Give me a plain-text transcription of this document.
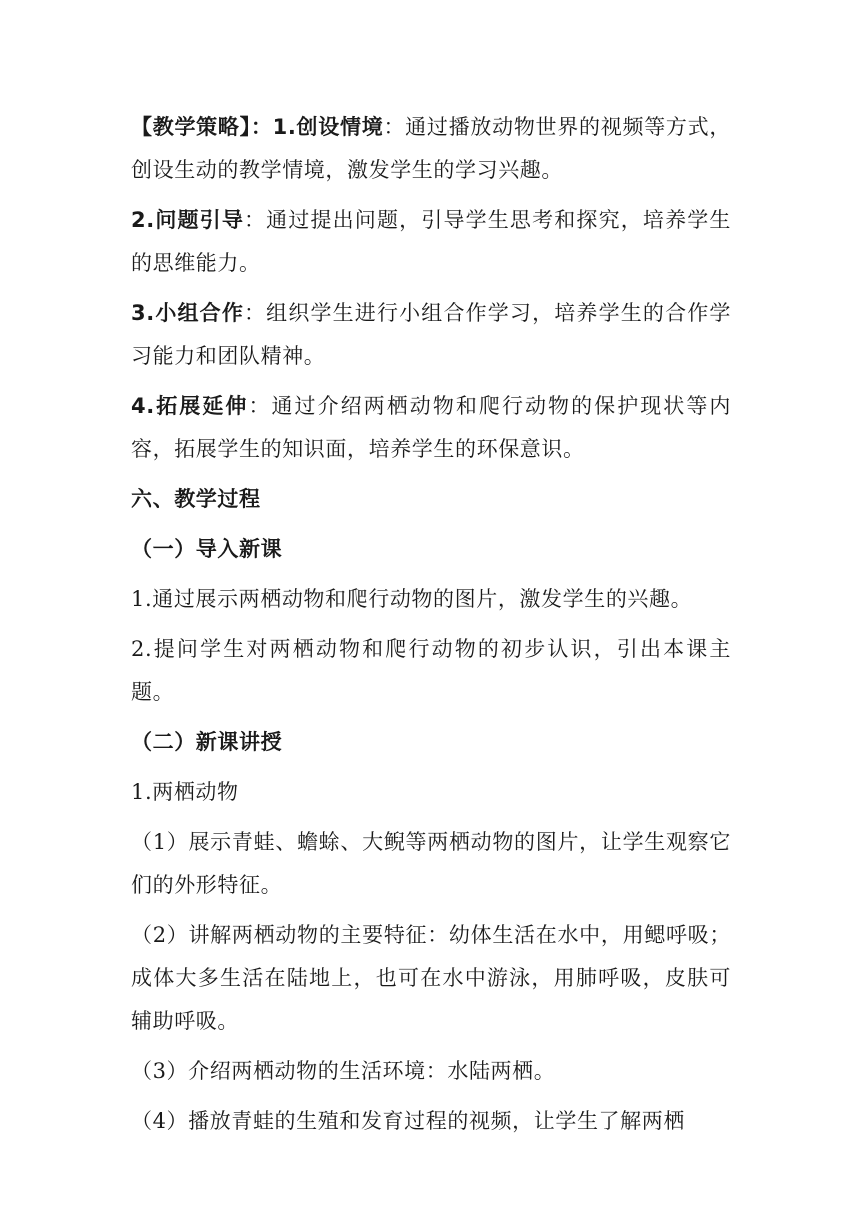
【教学策略】：1.创设情境：通过播放动物世界的视频等方式，创设生动的教学情境，激发学生的学习兴趣。

2.问题引导：通过提出问题，引导学生思考和探究，培养学生的思维能力。

3.小组合作：组织学生进行小组合作学习，培养学生的合作学习能力和团队精神。

4.拓展延伸：通过介绍两栖动物和爬行动物的保护现状等内容，拓展学生的知识面，培养学生的环保意识。

六、教学过程

（一）导入新课

1.通过展示两栖动物和爬行动物的图片，激发学生的兴趣。

2.提问学生对两栖动物和爬行动物的初步认识，引出本课主题。

（二）新课讲授

1.两栖动物

（1）展示青蛙、蟾蜍、大鲵等两栖动物的图片，让学生观察它们的外形特征。

（2）讲解两栖动物的主要特征：幼体生活在水中，用鳃呼吸；成体大多生活在陆地上，也可在水中游泳，用肺呼吸，皮肤可辅助呼吸。

（3）介绍两栖动物的生活环境：水陆两栖。

（4）播放青蛙的生殖和发育过程的视频，让学生了解两栖
